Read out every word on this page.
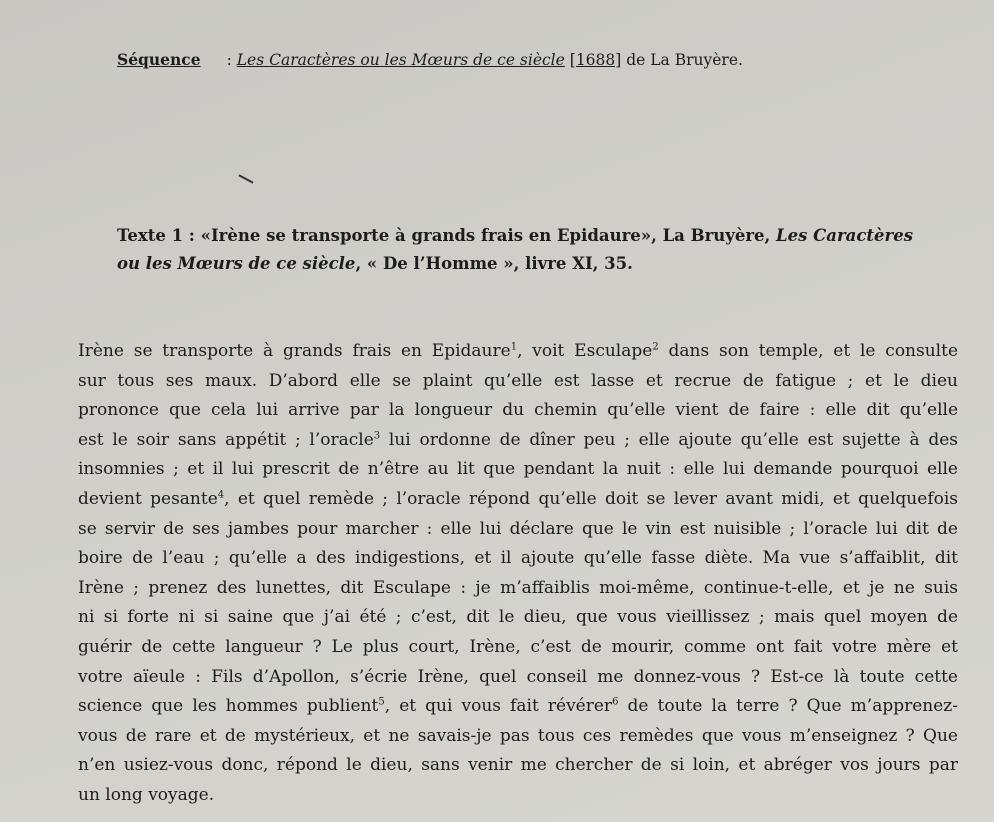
Séquence : Les Caractères ou les Mœurs de ce siècle [1688] de La Bruyère.
Texte 1 : «Irène se transporte à grands frais en Epidaure», La Bruyère, Les Caractères ou les Mœurs de ce siècle, « De l’Homme », livre XI, 35.
Irène se transporte à grands frais en Epidaure$^1$, voit Esculape$^2$ dans son temple, et le consulte
sur tous ses maux. D’abord elle se plaint qu’elle est lasse et recrue de fatigue ; et le dieu
prononce que cela lui arrive par la longueur du chemin qu’elle vient de faire : elle dit qu’elle
est le soir sans appétit ; l’oracle$^3$ lui ordonne de dîner peu ; elle ajoute qu’elle est sujette à des
insomnies ; et il lui prescrit de n’être au lit que pendant la nuit : elle lui demande pourquoi elle
devient pesante$^4$, et quel remède ; l’oracle répond qu’elle doit se lever avant midi, et quelquefois
se servir de ses jambes pour marcher : elle lui déclare que le vin est nuisible ; l’oracle lui dit de
boire de l’eau ; qu’elle a des indigestions, et il ajoute qu’elle fasse diète. Ma vue s’affaiblit, dit
Irène ; prenez des lunettes, dit Esculape : je m’affaiblis moi-même, continue-t-elle, et je ne suis
ni si forte ni si saine que j’ai été ; c’est, dit le dieu, que vous vieillissez ; mais quel moyen de
guérir de cette langueur ? Le plus court, Irène, c’est de mourir, comme ont fait votre mère et
votre aïeule : Fils d’Apollon, s’écrie Irène, quel conseil me donnez-vous ? Est-ce là toute cette
science que les hommes publient$^5$, et qui vous fait révérer$^6$ de toute la terre ? Que m’apprenez-
vous de rare et de mystérieux, et ne savais-je pas tous ces remèdes que vous m’enseignez ? Que
n’en usiez-vous donc, répond le dieu, sans venir me chercher de si loin, et abréger vos jours par
un long voyage.
